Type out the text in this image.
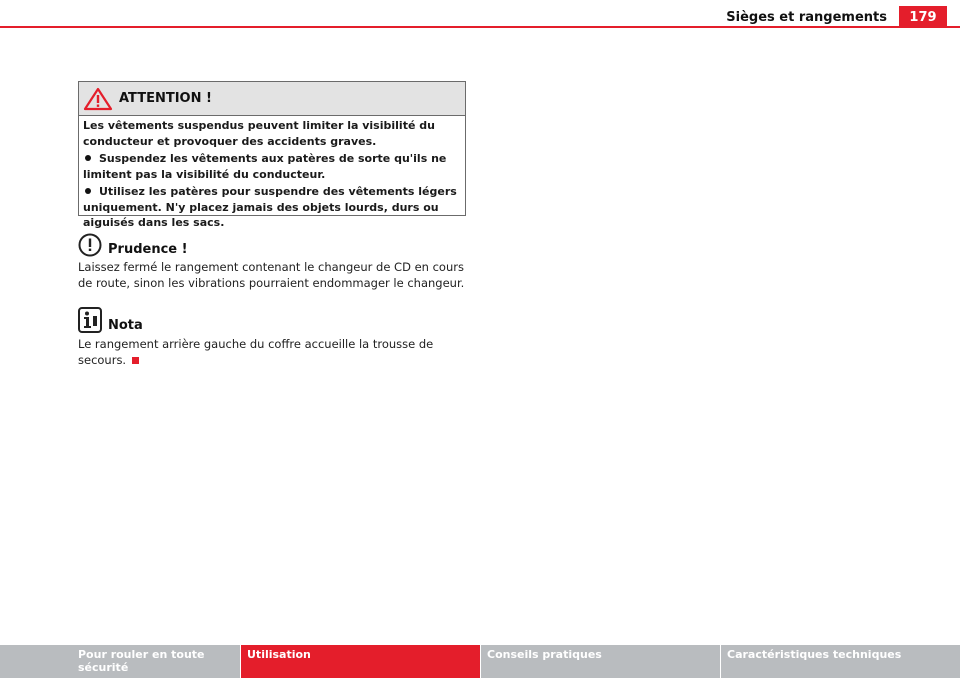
Sièges et rangements	179
ATTENTION !

Les vêtements suspendus peuvent limiter la visibilité du conducteur et provoquer des accidents graves.

Suspendez les vêtements aux patères de sorte qu'ils ne limitent pas la visibilité du conducteur.

Utilisez les patères pour suspendre des vêtements légers uniquement. N'y placez jamais des objets lourds, durs ou aiguisés dans les sacs.

Prudence !
Laissez fermé le rangement contenant le changeur de CD en cours de route, sinon les vibrations pourraient endommager le changeur.
Nota
Le rangement arrière gauche du coffre accueille la trousse de secours.
Pour rouler en toute sécurité
Utilisation	Conseils pratiques	Caractéristiques techniques
